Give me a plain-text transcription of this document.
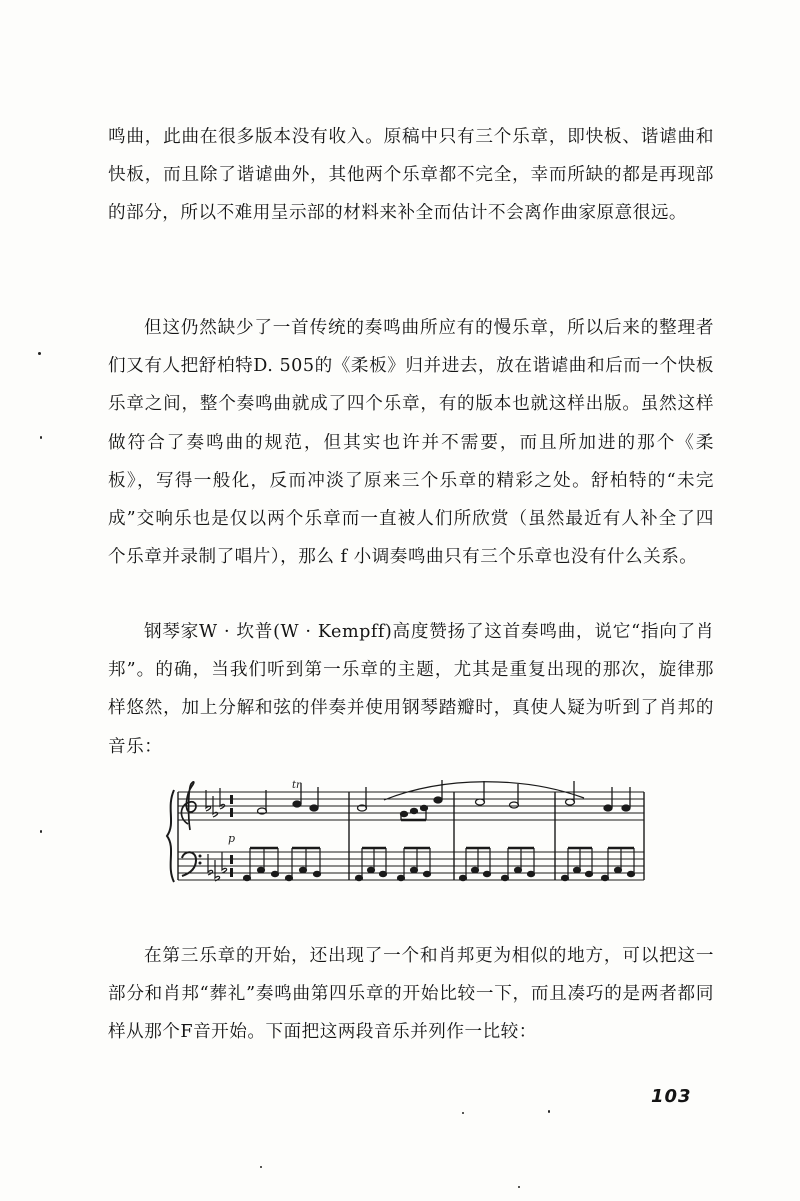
鸣曲，此曲在很多版本没有收入。原稿中只有三个乐章，即快板、谐谑曲和快板，而且除了谐谑曲外，其他两个乐章都不完全，幸而所缺的都是再现部的部分，所以不难用呈示部的材料来补全而估计不会离作曲家原意很远。

但这仍然缺少了一首传统的奏鸣曲所应有的慢乐章，所以后来的整理者们又有人把舒柏特D. 505的《柔板》归并进去，放在谐谑曲和后而一个快板乐章之间，整个奏鸣曲就成了四个乐章，有的版本也就这样出版。虽然这样做符合了奏鸣曲的规范，但其实也许并不需要，而且所加进的那个《柔板》，写得一般化，反而冲淡了原来三个乐章的精彩之处。舒柏特的“未完成”交响乐也是仅以两个乐章而一直被人们所欣赏（虽然最近有人补全了四个乐章并录制了唱片），那么 f 小调奏鸣曲只有三个乐章也没有什么关系。

钢琴家W · 坎普(W · Kempff)高度赞扬了这首奏鸣曲，说它“指向了肖邦”。的确，当我们听到第一乐章的主题，尤其是重复出现的那次，旋律那样悠然，加上分解和弦的伴奏并使用钢琴踏瓣时，真使人疑为听到了肖邦的音乐：

tr
p

在第三乐章的开始，还出现了一个和肖邦更为相似的地方，可以把这一部分和肖邦“葬礼”奏鸣曲第四乐章的开始比较一下，而且凑巧的是两者都同样从那个F音开始。下面把这两段音乐并列作一比较：

103
